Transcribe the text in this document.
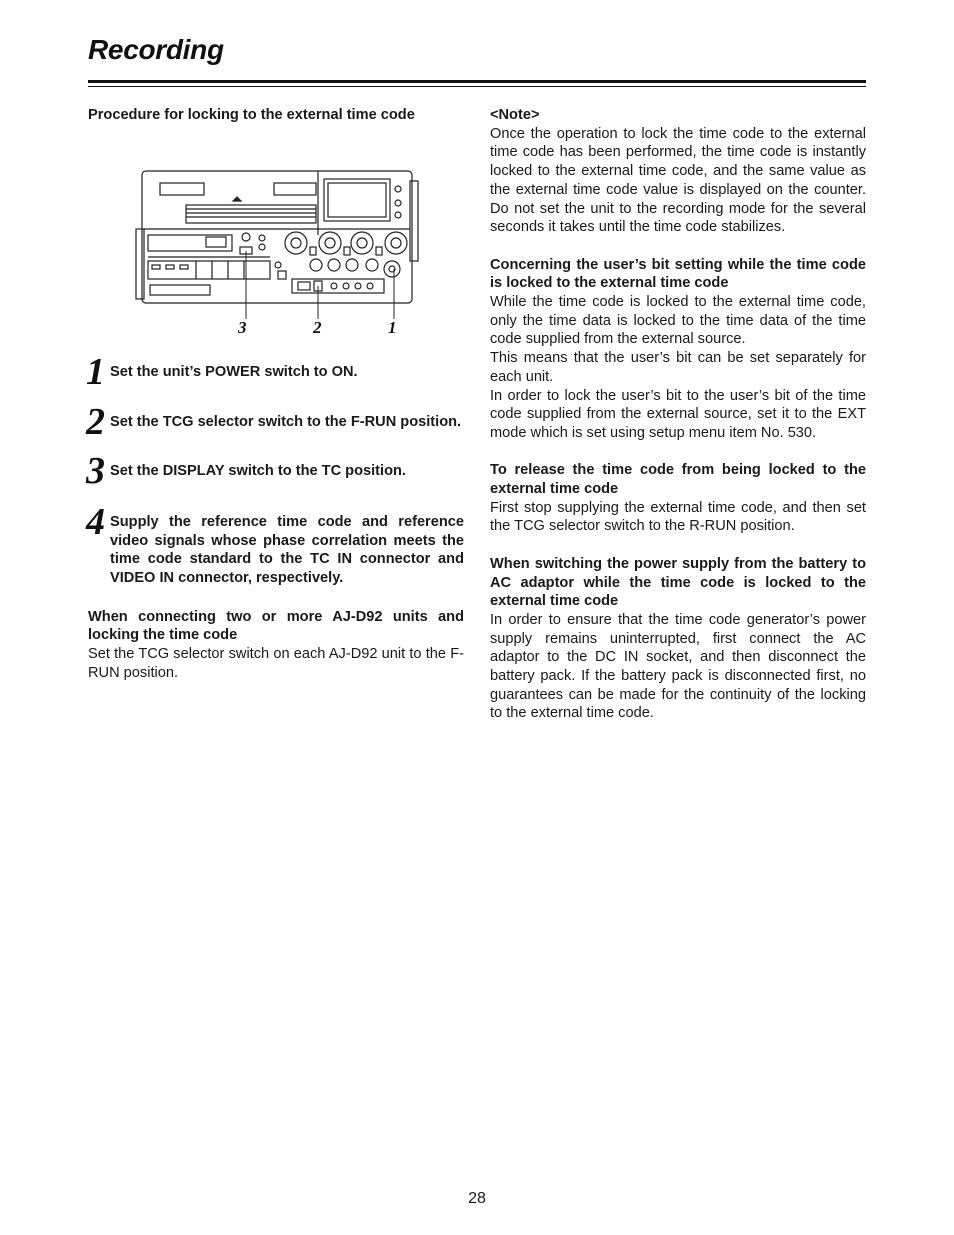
Recording

Procedure for locking to the external time code

3	2	1
1 Set the unit’s POWER switch to ON.

2 Set the TCG selector switch to the F-RUN position.

3 Set the DISPLAY switch to the TC position.

4 Supply the reference time code and reference video signals whose phase correlation meets the time code standard to the TC IN connector and VIDEO IN connector, respectively.

When connecting two or more AJ-D92 units and locking the time code

Set the TCG selector switch on each AJ-D92 unit to the F-RUN position.

<Note>

Once the operation to lock the time code to the external time code has been performed, the time code is instantly locked to the external time code, and the same value as the external time code value is displayed on the counter. Do not set the unit to the recording mode for the several seconds it takes until the time code stabilizes.

Concerning the user’s bit setting while the time code is locked to the external time code

While the time code is locked to the external time code, only the time data is locked to the time data of the time code supplied from the external source.

This means that the user’s bit can be set separately for each unit.

In order to lock the user’s bit to the user’s bit of the time code supplied from the external source, set it to the EXT mode which is set using setup menu item No. 530.

To release the time code from being locked to the external time code

First stop supplying the external time code, and then set the TCG selector switch to the R-RUN position.

When switching the power supply from the battery to AC adaptor while the time code is locked to the external time code

In order to ensure that the time code generator’s power supply remains uninterrupted, first connect the AC adaptor to the DC IN socket, and then disconnect the battery pack. If the battery pack is disconnected first, no guarantees can be made for the continuity of the locking to the external time code.

28
